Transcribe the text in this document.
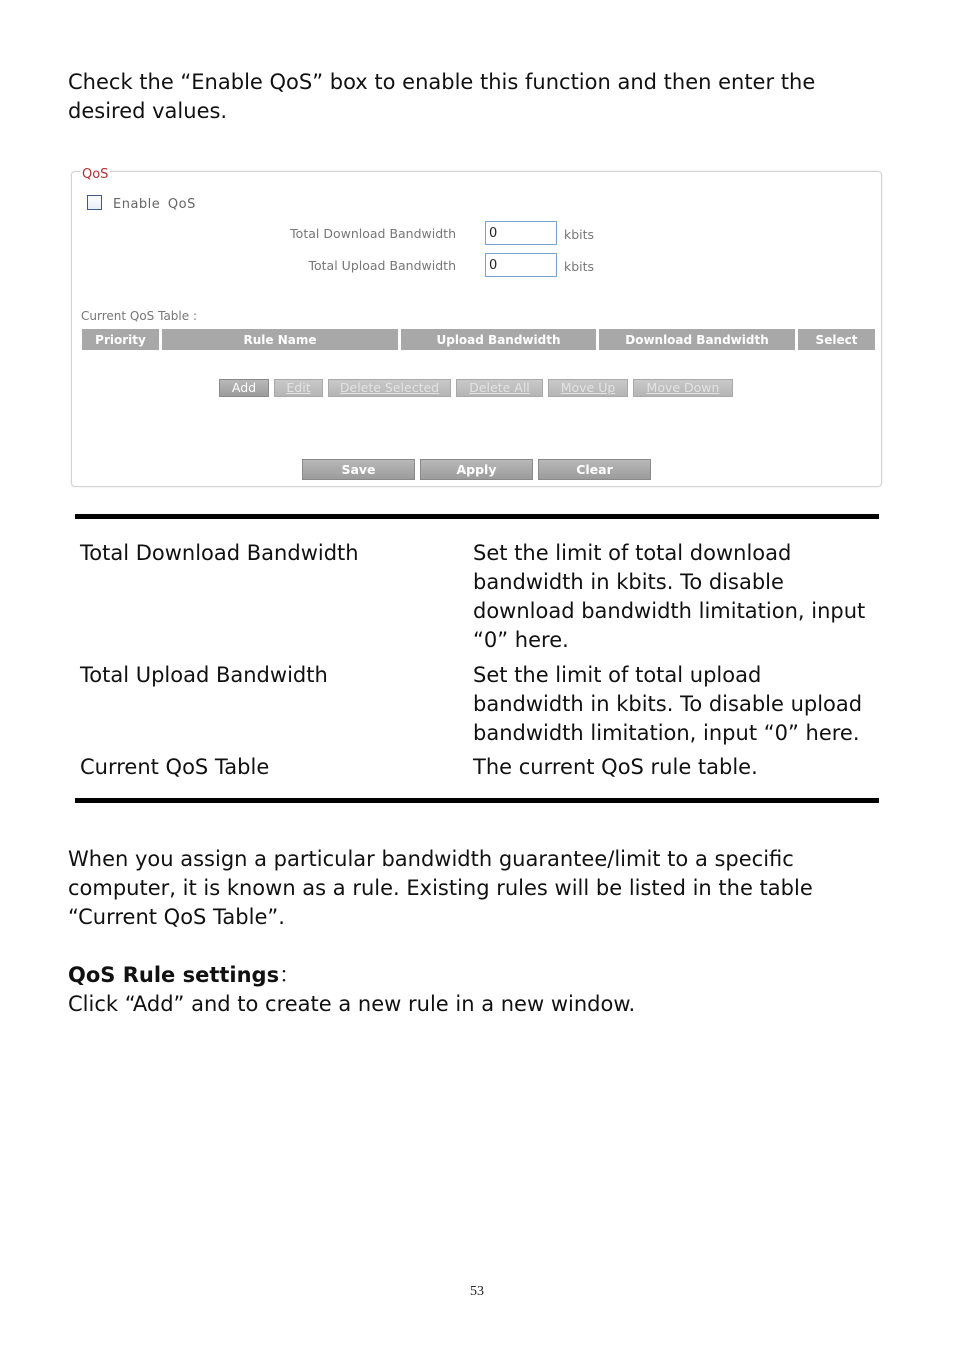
Check the “Enable QoS” box to enable this function and then enter the desired values.
QoS
Enable QoS
Total Download Bandwidth
0	kbits
Total Upload Bandwidth
0	kbits
Current QoS Table :
Priority	Rule Name	Upload Bandwidth	Download Bandwidth	Select
Add	Edit	Delete Selected	Delete All	Move Up	Move Down
Save	Apply	Clear
Total Download Bandwidth	Set the limit of total download bandwidth in kbits. To disable download bandwidth limitation, input “0” here.
Total Upload Bandwidth	Set the limit of total upload bandwidth in kbits. To disable upload bandwidth limitation, input “0” here.
Current QoS Table	The current QoS rule table.
When you assign a particular bandwidth guarantee/limit to a specific computer, it is known as a rule. Existing rules will be listed in the table “Current QoS Table”.
QoS Rule settings：
Click “Add” and to create a new rule in a new window.
53
